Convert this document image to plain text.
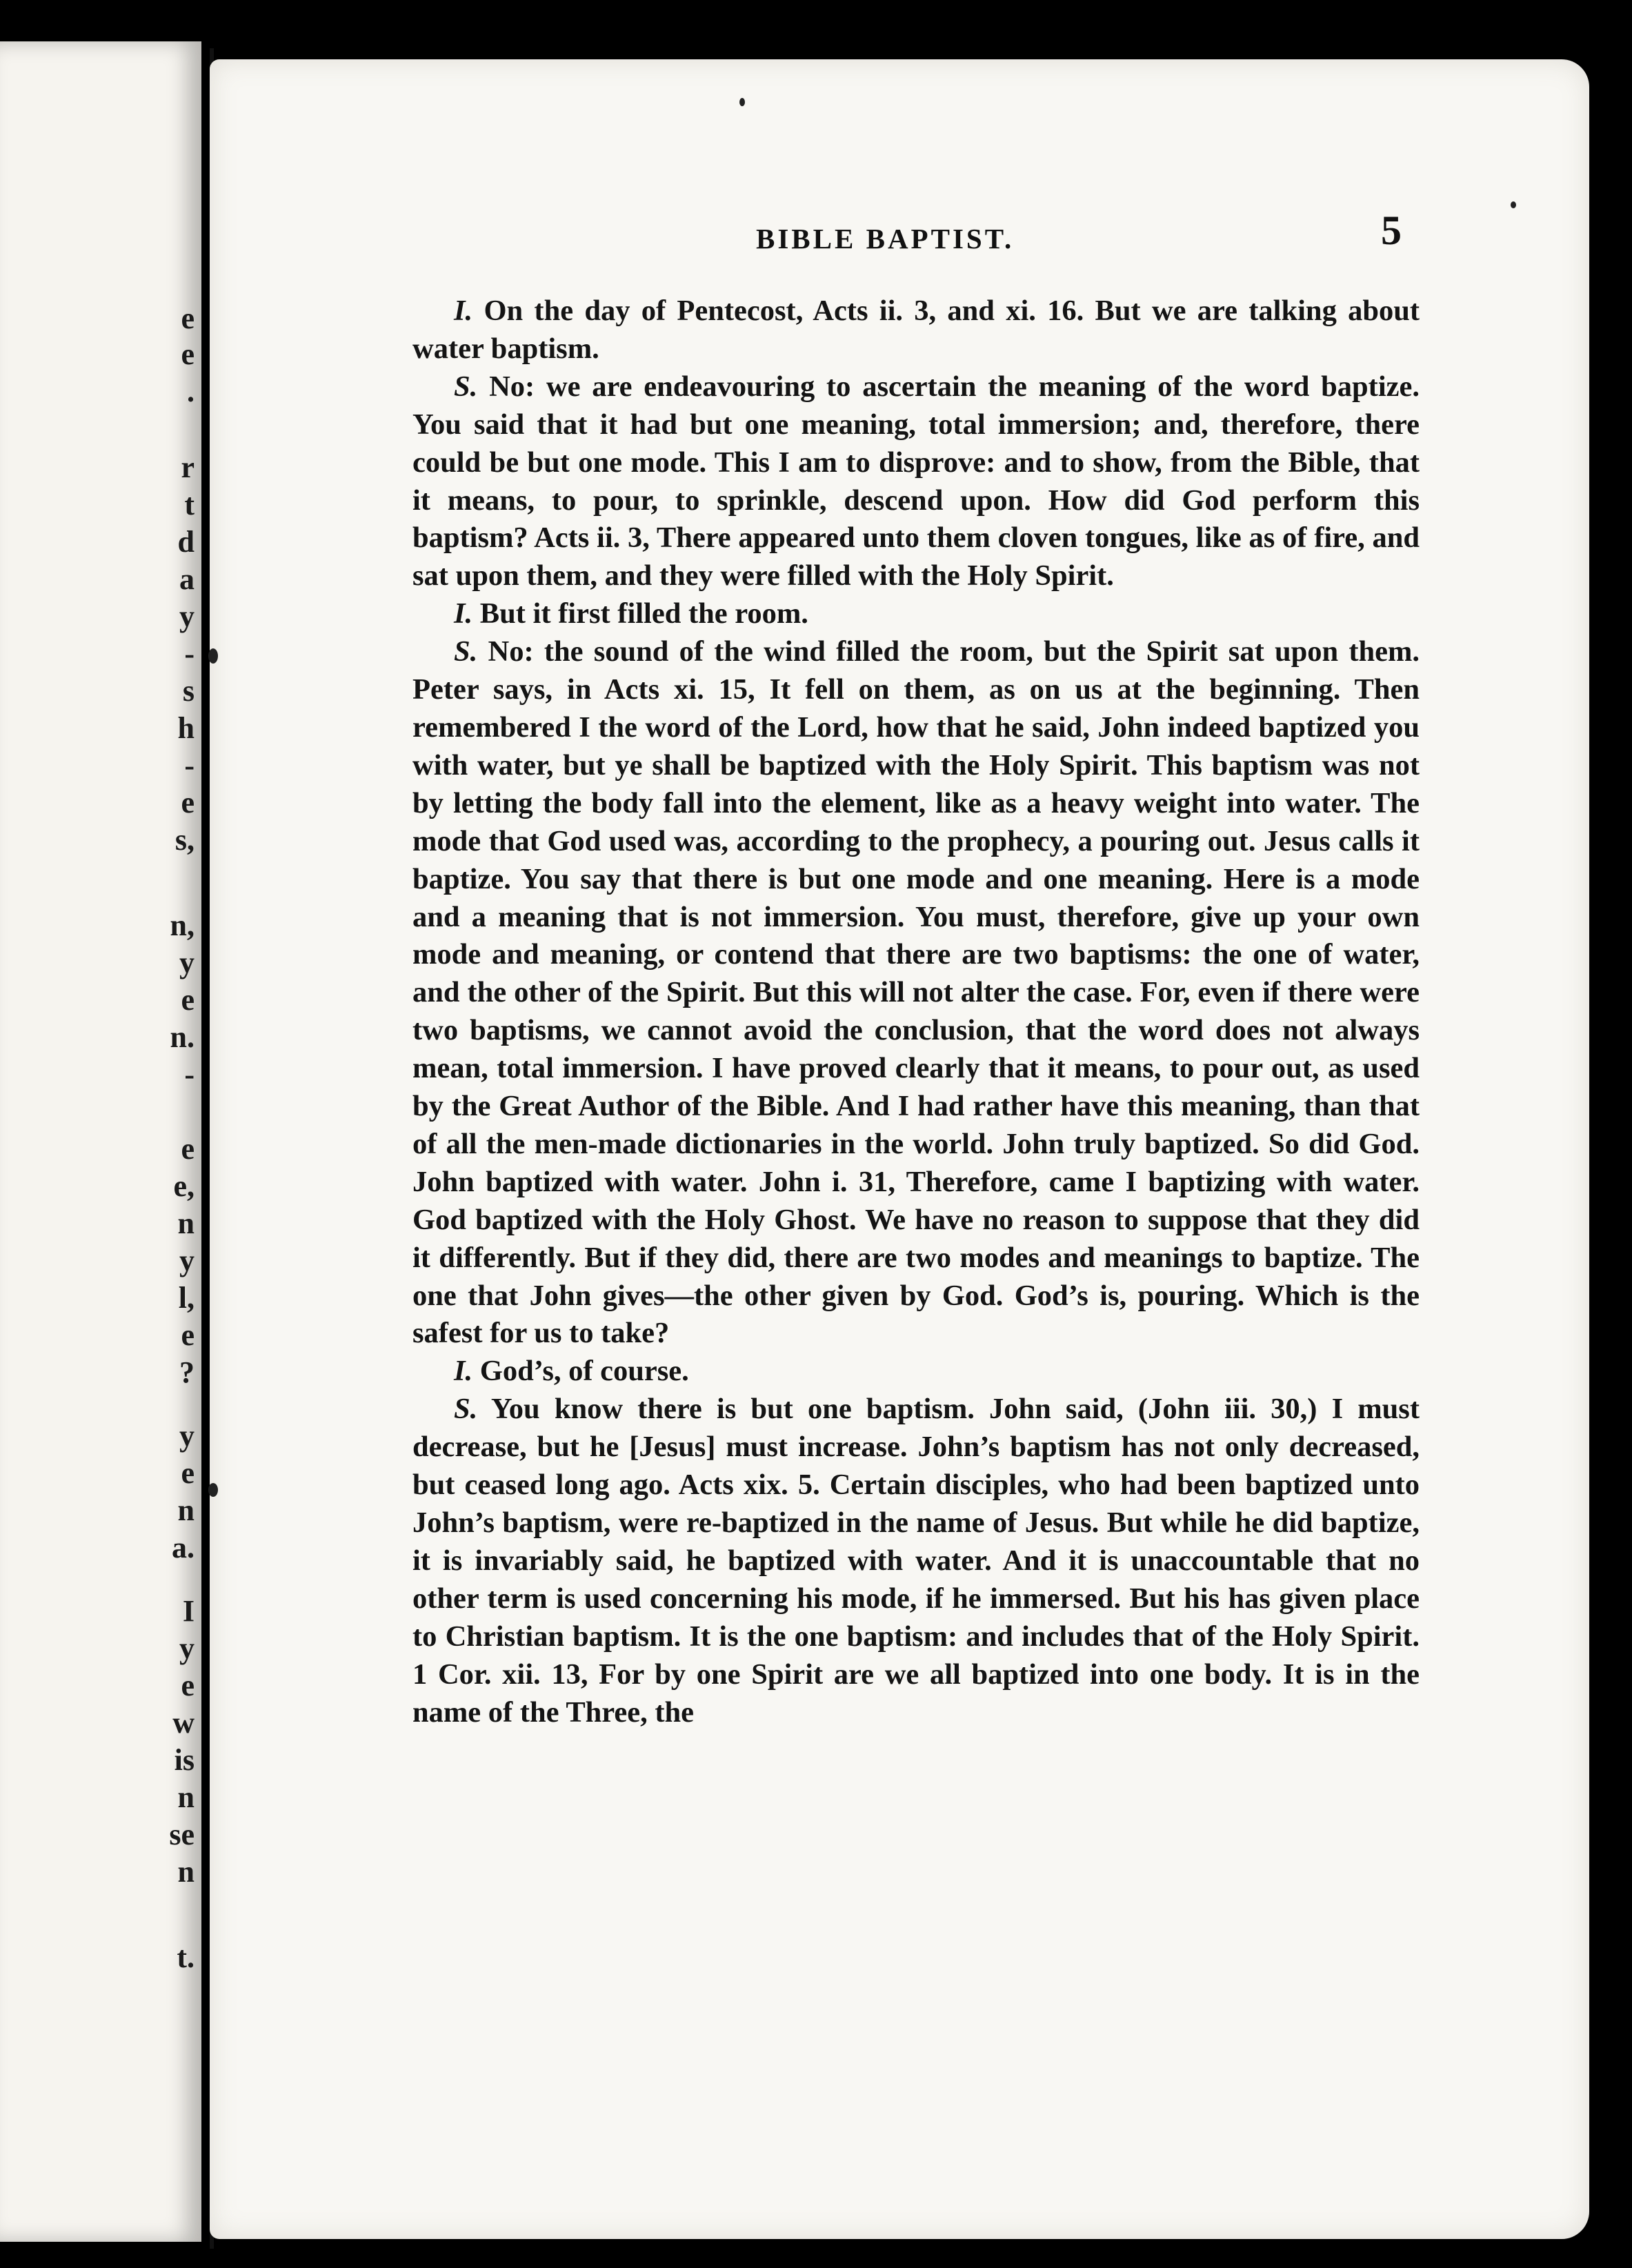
e
e
.
r
t
d
a
y
-
s
h
-
e
s,
n,
y
e
n.
-
e
e,
n
y
l,
e
?
y
e
n
a.
I
y
e
w
is
n
se
n
t.
BIBLE BAPTIST.	5

I. On the day of Pentecost, Acts ii. 3, and xi. 16. But we are talking about water baptism.

S. No: we are endeavouring to ascertain the meaning of the word baptize. You said that it had but one meaning, total immersion; and, therefore, there could be but one mode. This I am to disprove: and to show, from the Bible, that it means, to pour, to sprinkle, descend upon. How did God perform this baptism? Acts ii. 3, There appeared unto them cloven tongues, like as of fire, and sat upon them, and they were filled with the Holy Spirit.

I. But it first filled the room.

S. No: the sound of the wind filled the room, but the Spirit sat upon them. Peter says, in Acts xi. 15, It fell on them, as on us at the beginning. Then remembered I the word of the Lord, how that he said, John indeed baptized you with water, but ye shall be baptized with the Holy Spirit. This baptism was not by letting the body fall into the element, like as a heavy weight into water. The mode that God used was, according to the prophecy, a pouring out. Jesus calls it baptize. You say that there is but one mode and one meaning. Here is a mode and a meaning that is not immersion. You must, therefore, give up your own mode and meaning, or contend that there are two baptisms: the one of water, and the other of the Spirit. But this will not alter the case. For, even if there were two baptisms, we cannot avoid the conclusion, that the word does not always mean, total immersion. I have proved clearly that it means, to pour out, as used by the Great Author of the Bible. And I had rather have this meaning, than that of all the men-made dictionaries in the world. John truly baptized. So did God. John baptized with water. John i. 31, Therefore, came I baptizing with water. God baptized with the Holy Ghost. We have no reason to suppose that they did it differently. But if they did, there are two modes and meanings to baptize. The one that John gives—the other given by God. God’s is, pouring. Which is the safest for us to take?

I. God’s, of course.

S. You know there is but one baptism. John said, (John iii. 30,) I must decrease, but he [Jesus] must increase. John’s baptism has not only decreased, but ceased long ago. Acts xix. 5. Certain disciples, who had been baptized unto John’s baptism, were re-baptized in the name of Jesus. But while he did baptize, it is invariably said, he baptized with water. And it is unaccountable that no other term is used concerning his mode, if he immersed. But his has given place to Christian baptism. It is the one baptism: and includes that of the Holy Spirit. 1 Cor. xii. 13, For by one Spirit are we all baptized into one body. It is in the name of the Three, the
